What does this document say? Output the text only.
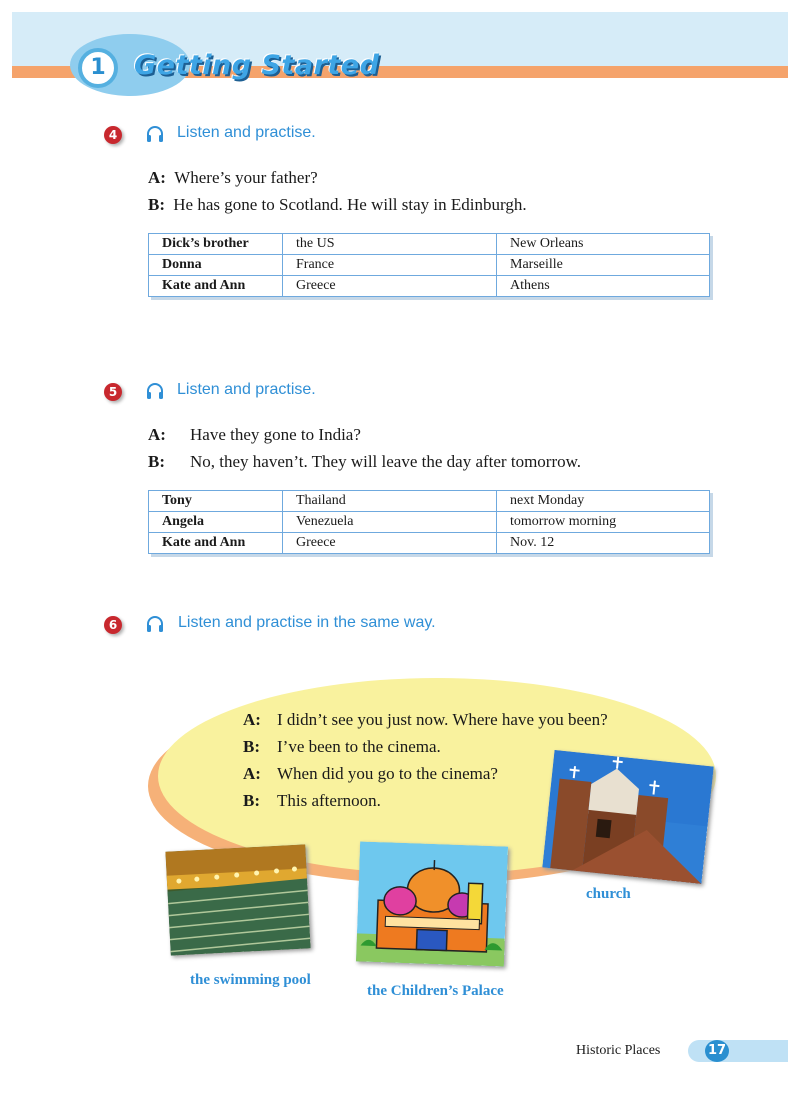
1	Getting Started
4	Listen and practise.
A: Where’s your father?
B: He has gone to Scotland. He will stay in Edinburgh.
Dick’s brother	the US	New Orleans
Donna	France	Marseille
Kate and Ann	Greece	Athens
5	Listen and practise.
A: Have they gone to India?
B: No, they haven’t. They will leave the day after tomorrow.
Tony	Thailand	next Monday
Angela	Venezuela	tomorrow morning
Kate and Ann	Greece	Nov. 12
6	Listen and practise in the same way.
A: I didn’t see you just now. Where have you been?
B: I’ve been to the cinema.
A: When did you go to the cinema?
B: This afternoon.
church
the swimming pool
the Children’s Palace
Historic Places	17
